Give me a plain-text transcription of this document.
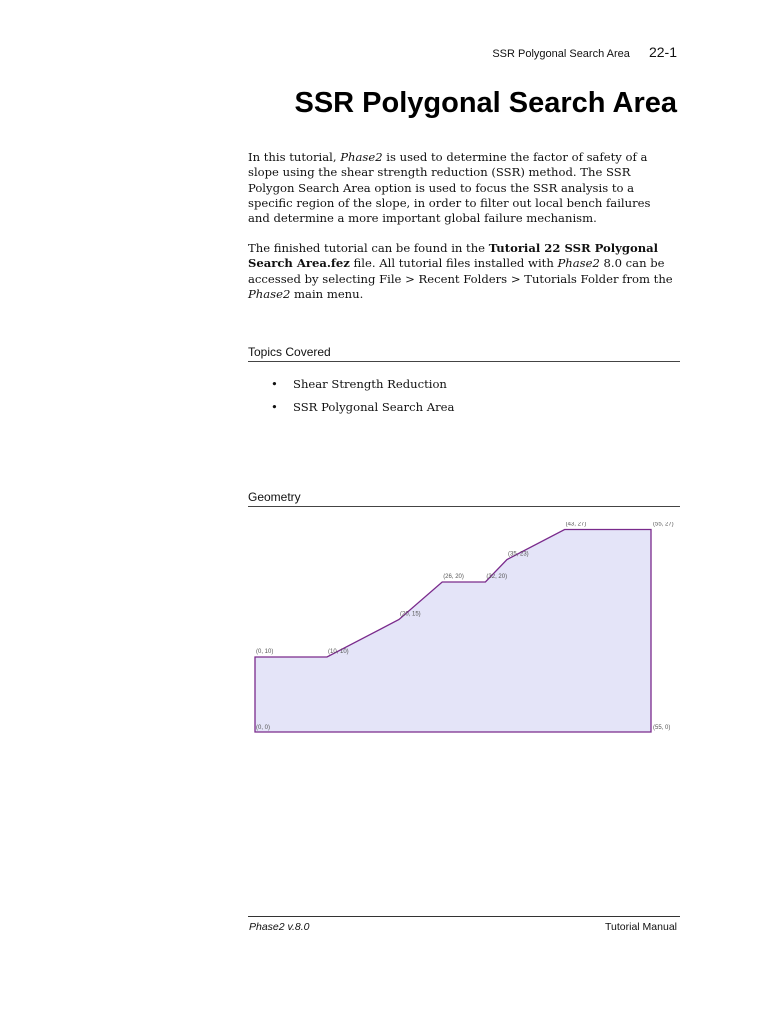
SSR Polygonal Search Area 22-1
SSR Polygonal Search Area

In this tutorial, Phase2 is used to determine the factor of safety of a slope using the shear strength reduction (SSR) method. The SSR Polygon Search Area option is used to focus the SSR analysis to a specific region of the slope, in order to filter out local bench failures and determine a more important global failure mechanism.

The finished tutorial can be found in the Tutorial 22 SSR Polygonal Search Area.fez file. All tutorial files installed with Phase2 8.0 can be accessed by selecting File > Recent Folders > Tutorials Folder from the Phase2 main menu.

Topics Covered
•	Shear Strength Reduction
•	SSR Polygonal Search Area
Geometry
(0, 10)	(10, 10)
(20, 15)
(26, 20)	(32, 20)
(35, 23)
(43, 27)	(55, 27)
(55, 0)
(0, 0)
Phase2 v.8.0	Tutorial Manual
